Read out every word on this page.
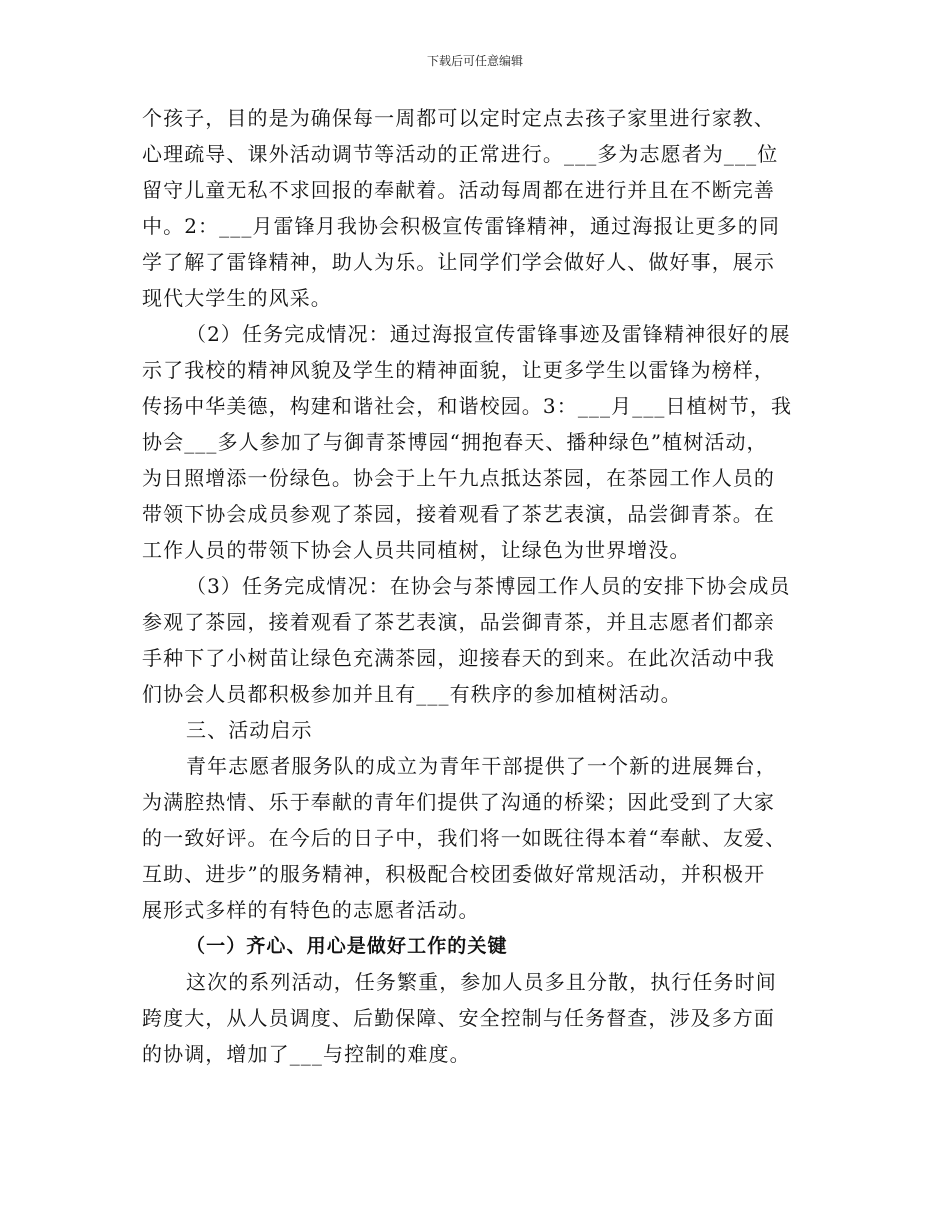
下载后可任意编辑
个孩子，目的是为确保每一周都可以定时定点去孩子家里进行家教、
心理疏导、课外活动调节等活动的正常进行。___多为志愿者为___位
留守儿童无私不求回报的奉献着。活动每周都在进行并且在不断完善
中。2：___月雷锋月我协会积极宣传雷锋精神，通过海报让更多的同
学了解了雷锋精神，助人为乐。让同学们学会做好人、做好事，展示
现代大学生的风采。
（2）任务完成情况：通过海报宣传雷锋事迹及雷锋精神很好的展
示了我校的精神风貌及学生的精神面貌，让更多学生以雷锋为榜样，
传扬中华美德，构建和谐社会，和谐校园。3：___月___日植树节，我
协会___多人参加了与御青茶博园“拥抱春天、播种绿色”植树活动，
为日照增添一份绿色。协会于上午九点抵达茶园，在茶园工作人员的
带领下协会成员参观了茶园，接着观看了茶艺表演，品尝御青茶。在
工作人员的带领下协会人员共同植树，让绿色为世界增没。
（3）任务完成情况：在协会与茶博园工作人员的安排下协会成员
参观了茶园，接着观看了茶艺表演，品尝御青茶，并且志愿者们都亲
手种下了小树苗让绿色充满茶园，迎接春天的到来。在此次活动中我
们协会人员都积极参加并且有___有秩序的参加植树活动。
三、活动启示
青年志愿者服务队的成立为青年干部提供了一个新的进展舞台，
为满腔热情、乐于奉献的青年们提供了沟通的桥梁；因此受到了大家
的一致好评。在今后的日子中，我们将一如既往得本着“奉献、友爱、
互助、进步”的服务精神，积极配合校团委做好常规活动，并积极开
展形式多样的有特色的志愿者活动。
（一）齐心、用心是做好工作的关键
这次的系列活动，任务繁重，参加人员多且分散，执行任务时间
跨度大，从人员调度、后勤保障、安全控制与任务督查，涉及多方面
的协调，增加了___与控制的难度。
